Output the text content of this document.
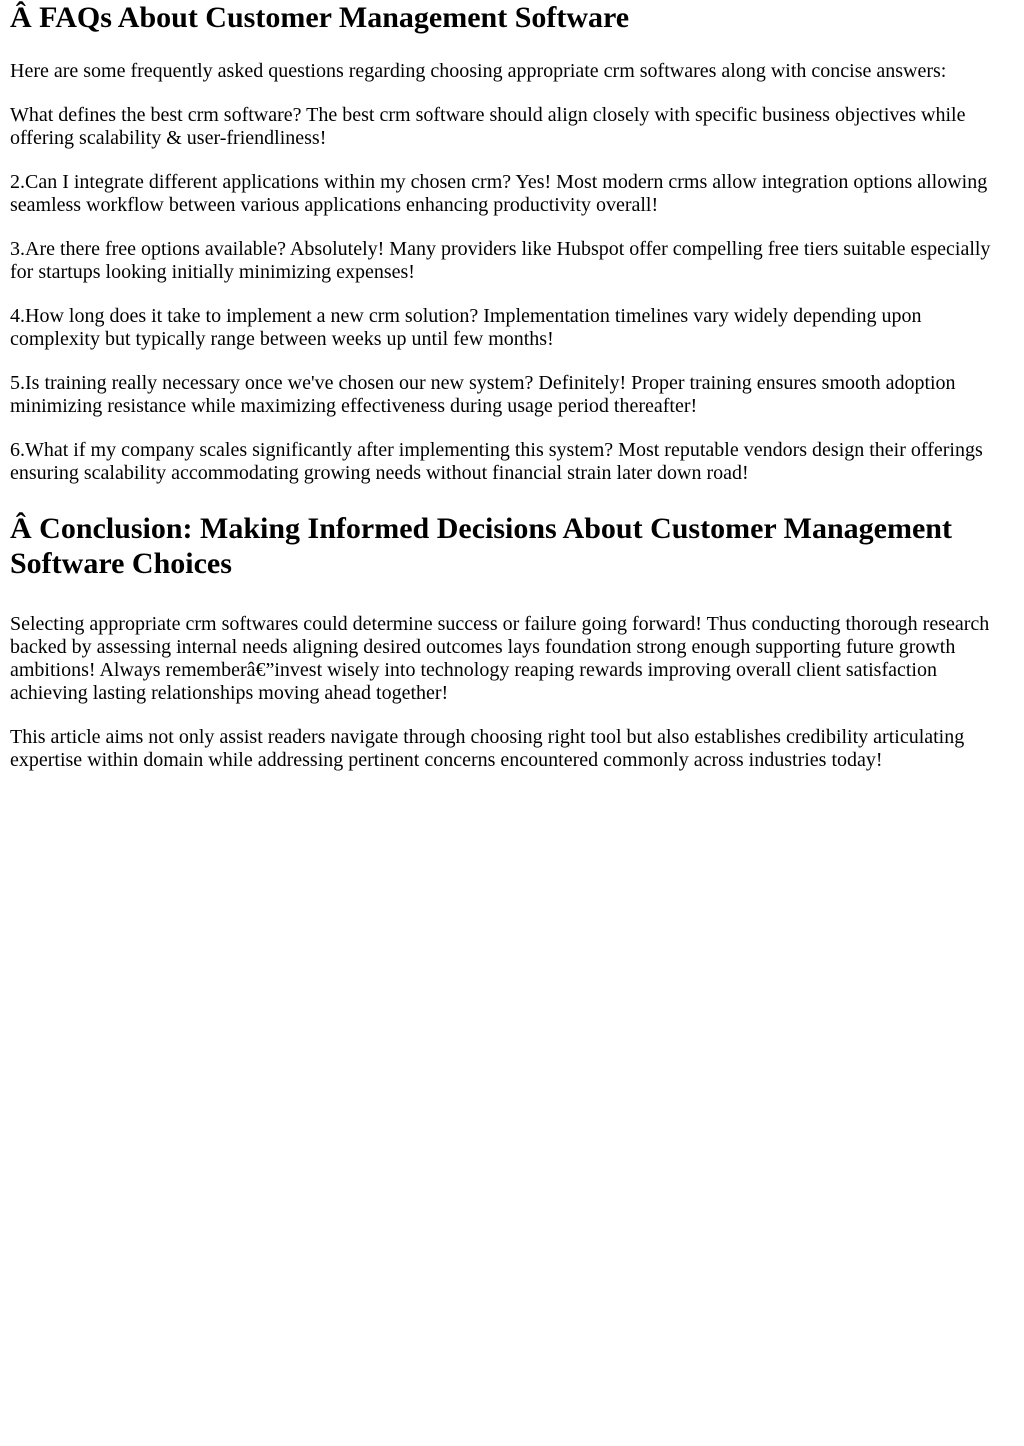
Â FAQs About Customer Management Software

Here are some frequently asked questions regarding choosing appropriate crm softwares along with concise answers:

What defines the best crm software? The best crm software should align closely with specific business objectives while offering scalability & user-friendliness!

2.Can I integrate different applications within my chosen crm? Yes! Most modern crms allow integration options allowing seamless workflow between various applications enhancing productivity overall!

3.Are there free options available? Absolutely! Many providers like Hubspot offer compelling free tiers suitable especially for startups looking initially minimizing expenses!

4.How long does it take to implement a new crm solution? Implementation timelines vary widely depending upon complexity but typically range between weeks up until few months!

5.Is training really necessary once we've chosen our new system? Definitely! Proper training ensures smooth adoption minimizing resistance while maximizing effectiveness during usage period thereafter!

6.What if my company scales significantly after implementing this system? Most reputable vendors design their offerings ensuring scalability accommodating growing needs without financial strain later down road!

Â Conclusion: Making Informed Decisions About Customer Management Software Choices

Selecting appropriate crm softwares could determine success or failure going forward! Thus conducting thorough research backed by assessing internal needs aligning desired outcomes lays foundation strong enough supporting future growth ambitions! Always rememberâ€”invest wisely into technology reaping rewards improving overall client satisfaction achieving lasting relationships moving ahead together!

This article aims not only assist readers navigate through choosing right tool but also establishes credibility articulating expertise within domain while addressing pertinent concerns encountered commonly across industries today!
